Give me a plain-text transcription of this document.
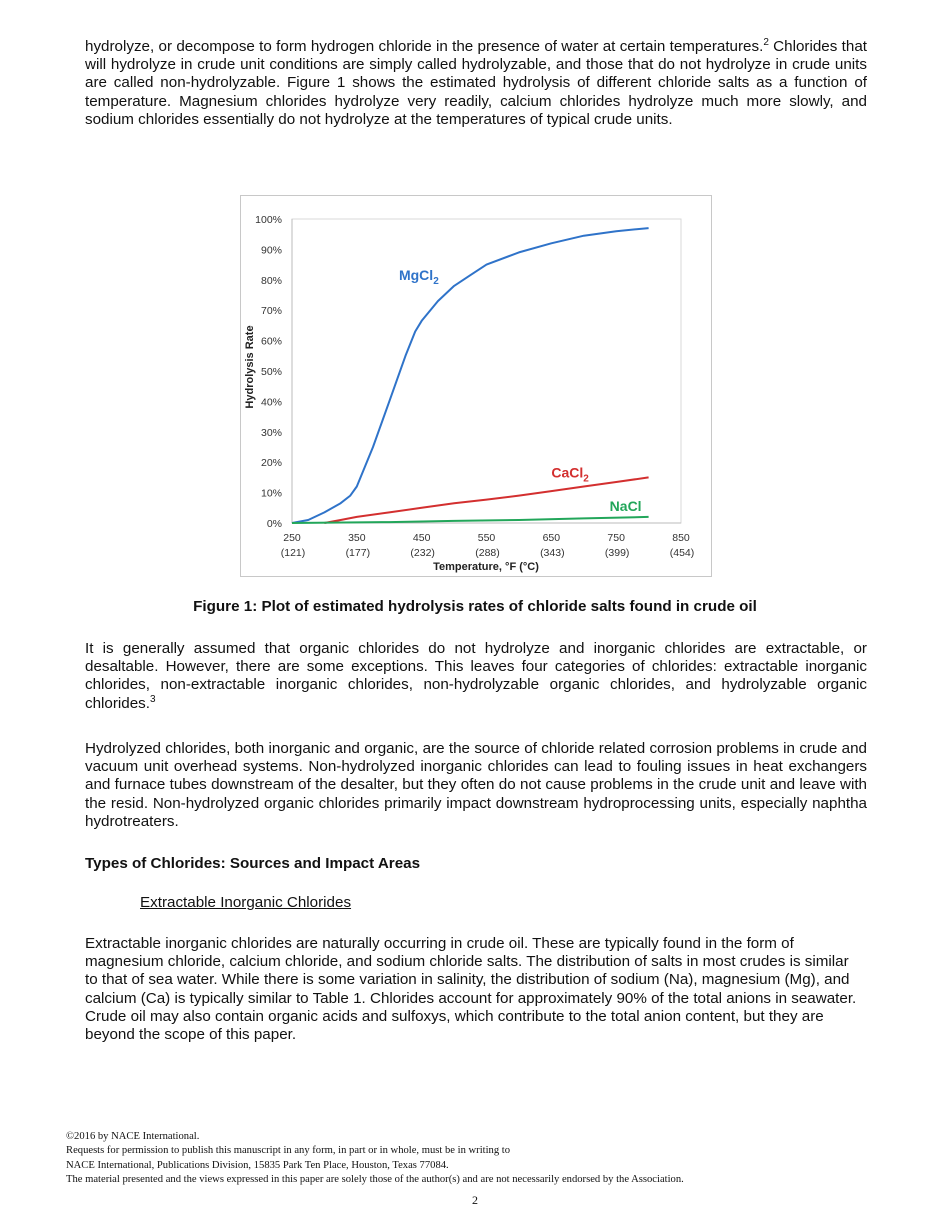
hydrolyze, or decompose to form hydrogen chloride in the presence of water at certain temperatures.$^2$ Chlorides that will hydrolyze in crude unit conditions are simply called hydrolyzable, and those that do not hydrolyze in crude units are called non-hydrolyzable. Figure 1 shows the estimated hydrolysis of different chloride salts as a function of temperature. Magnesium chlorides hydrolyze very readily, calcium chlorides hydrolyze much more slowly, and sodium chlorides essentially do not hydrolyze at the temperatures of typical crude units.

0%
10%
20%
30%
40%
50%
60%
70%
80%
90%
100%
250
(121)
350
(177)
450
(232)
550
(288)
650
(343)
750
(399)
850
(454)
Temperature, °F (°C)
Hydrolysis Rate
MgCl$_2$
CaCl$_2$
NaCl
Figure 1: Plot of estimated hydrolysis rates of chloride salts found in crude oil

It is generally assumed that organic chlorides do not hydrolyze and inorganic chlorides are extractable, or desaltable. However, there are some exceptions. This leaves four categories of chlorides: extractable inorganic chlorides, non-extractable inorganic chlorides, non-hydrolyzable organic chlorides, and hydrolyzable organic chlorides.$^3$

Hydrolyzed chlorides, both inorganic and organic, are the source of chloride related corrosion problems in crude and vacuum unit overhead systems. Non-hydrolyzed inorganic chlorides can lead to fouling issues in heat exchangers and furnace tubes downstream of the desalter, but they often do not cause problems in the crude unit and leave with the resid. Non-hydrolyzed organic chlorides primarily impact downstream hydroprocessing units, especially naphtha hydrotreaters.

Types of Chlorides: Sources and Impact Areas
Extractable Inorganic Chlorides

Extractable inorganic chlorides are naturally occurring in crude oil. These are typically found in the form of magnesium chloride, calcium chloride, and sodium chloride salts. The distribution of salts in most crudes is similar to that of sea water. While there is some variation in salinity, the distribution of sodium (Na), magnesium (Mg), and calcium (Ca) is typically similar to Table 1. Chlorides account for approximately 90% of the total anions in seawater. Crude oil may also contain organic acids and sulfoxys, which contribute to the total anion content, but they are beyond the scope of this paper.

©2016 by NACE International.
Requests for permission to publish this manuscript in any form, in part or in whole, must be in writing to
NACE International, Publications Division, 15835 Park Ten Place, Houston, Texas 77084.
The material presented and the views expressed in this paper are solely those of the author(s) and are not necessarily endorsed by the Association.
2
